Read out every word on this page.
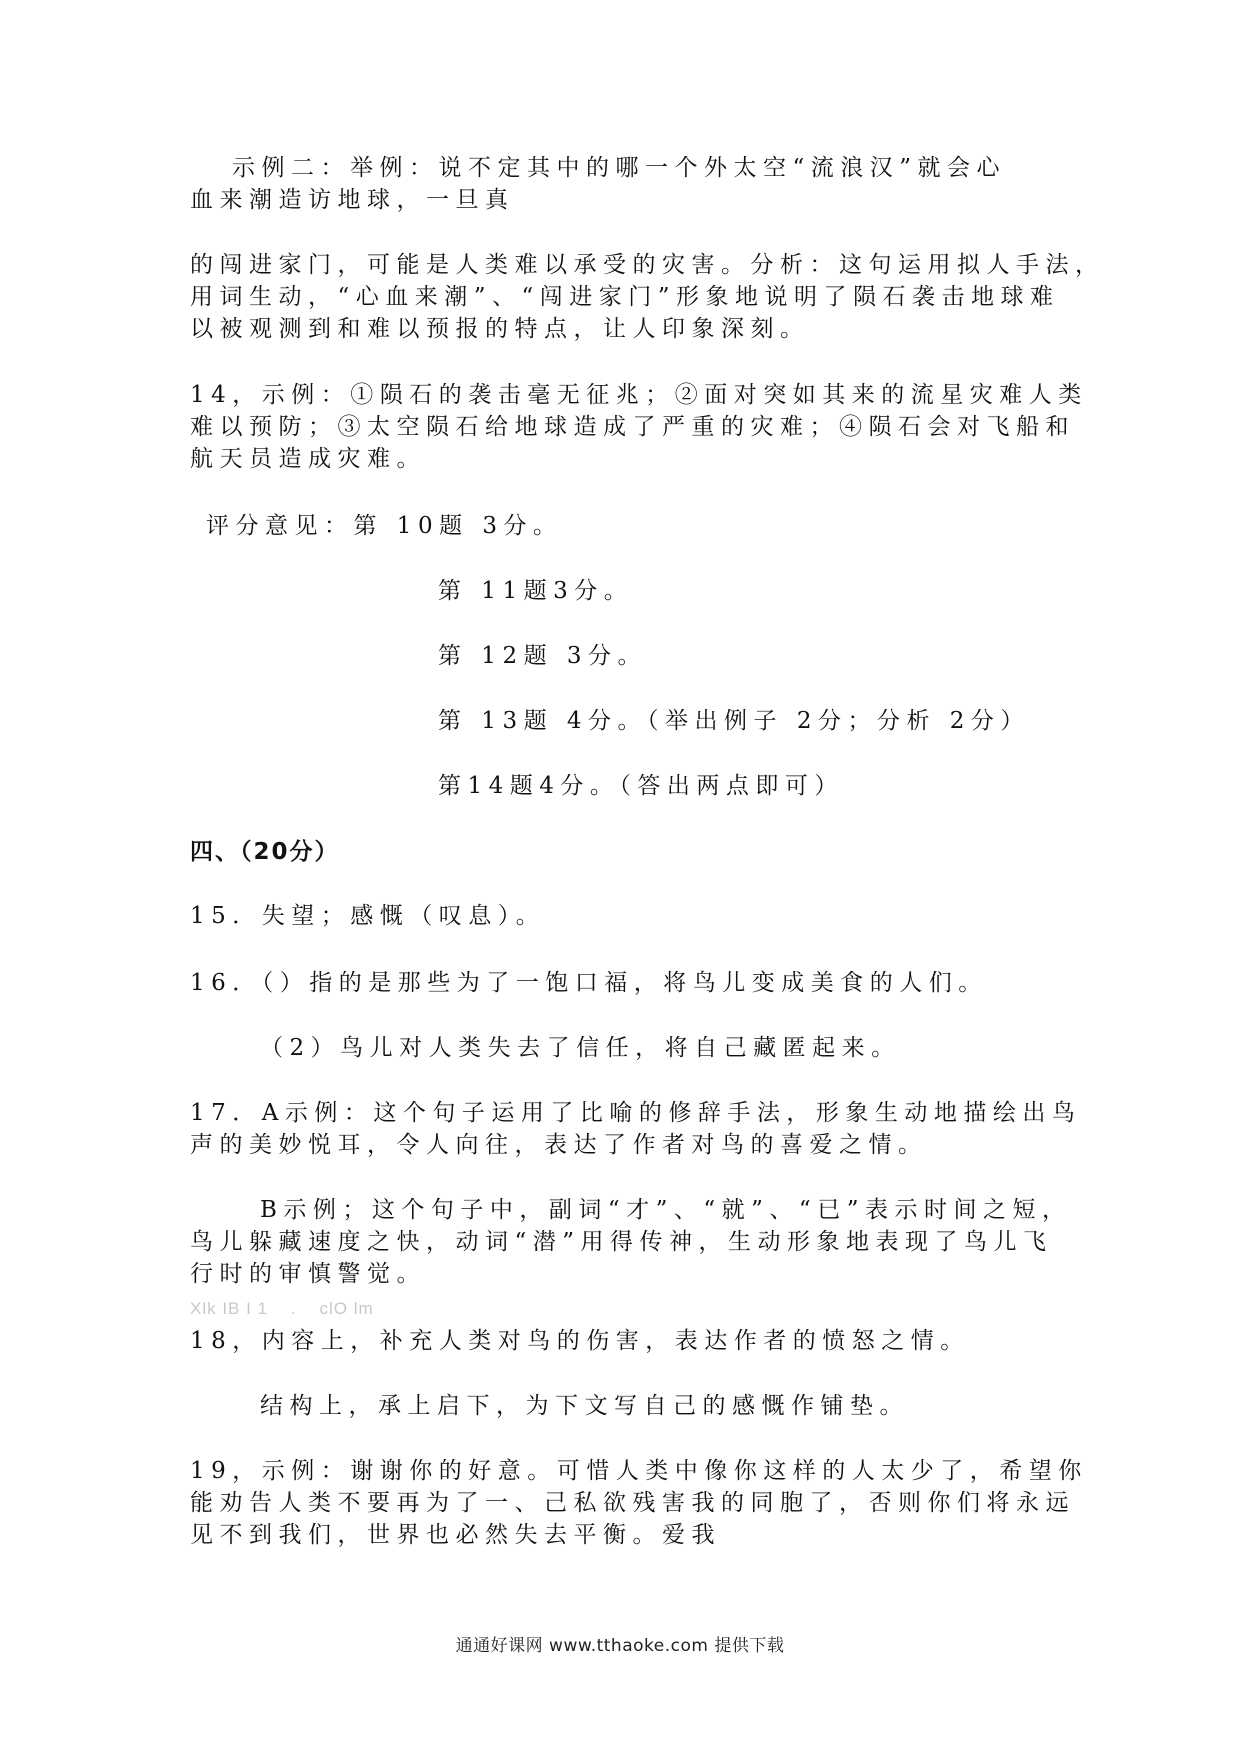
示例二：举例：说不定其中的哪一个外太空“流浪汉”就会心
血来潮造访地球，一旦真
的闯进家门，可能是人类难以承受的灾害。分析：这句运用拟人手法，
用词生动，“心血来潮”、“闯进家门”形象地说明了陨石袭击地球难
以被观测到和难以预报的特点，让人印象深刻。
14，示例：①陨石的袭击毫无征兆；②面对突如其来的流星灾难人类
难以预防；③太空陨石给地球造成了严重的灾难；④陨石会对飞船和
航天员造成灾难。
评分意见：第 10题 3分。
第 11题3分。
第 12题 3分。
第 13题 4分。（举出例子 2分；分析 2分）
第14题4分。（答出两点即可）
四、（20分）
15．失望；感慨（叹息）。
16．（）指的是那些为了一饱口福，将鸟儿变成美食的人们。
（2）鸟儿对人类失去了信任，将自己藏匿起来。
17．A示例：这个句子运用了比喻的修辞手法，形象生动地描绘出鸟
声的美妙悦耳，令人向往，表达了作者对鸟的喜爱之情。
B示例；这个句子中，副词“才”、“就”、“已”表示时间之短，
鸟儿躲藏速度之快，动词“潜”用得传神，生动形象地表现了鸟儿飞
行时的审慎警觉。
Xlk IB I 1    .    clO lm
18，内容上，补充人类对鸟的伤害，表达作者的愤怒之情。
结构上，承上启下，为下文写自己的感慨作铺垫。
19，示例：谢谢你的好意。可惜人类中像你这样的人太少了，希望你
能劝告人类不要再为了一、己私欲残害我的同胞了，否则你们将永远
见不到我们，世界也必然失去平衡。爱我
通通好课网 www.tthaoke.com 提供下载
